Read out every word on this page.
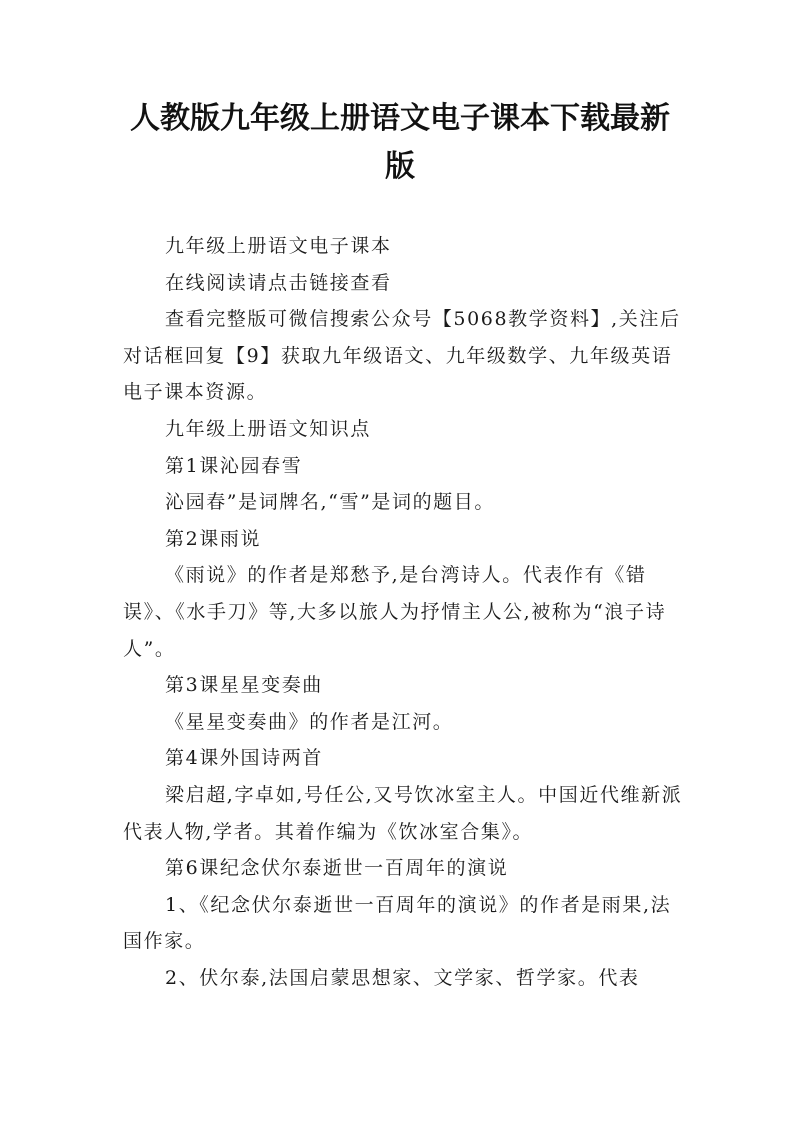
人教版九年级上册语文电子课本下载最新版

九年级上册语文电子课本

在线阅读请点击链接查看

查看完整版可微信搜索公众号【5068教学资料】,关注后对话框回复【9】获取九年级语文、九年级数学、九年级英语电子课本资源。

九年级上册语文知识点

第1课沁园春雪

沁园春”是词牌名,“雪”是词的题目。

第2课雨说

《雨说》的作者是郑愁予,是台湾诗人。代表作有《错误》、《水手刀》等,大多以旅人为抒情主人公,被称为“浪子诗人”。

第3课星星变奏曲

《星星变奏曲》的作者是江河。

第4课外国诗两首

梁启超,字卓如,号任公,又号饮冰室主人。中国近代维新派代表人物,学者。其着作编为《饮冰室合集》。

第6课纪念伏尔泰逝世一百周年的演说

1、《纪念伏尔泰逝世一百周年的演说》的作者是雨果,法国作家。

2、伏尔泰,法国启蒙思想家、文学家、哲学家。代表
